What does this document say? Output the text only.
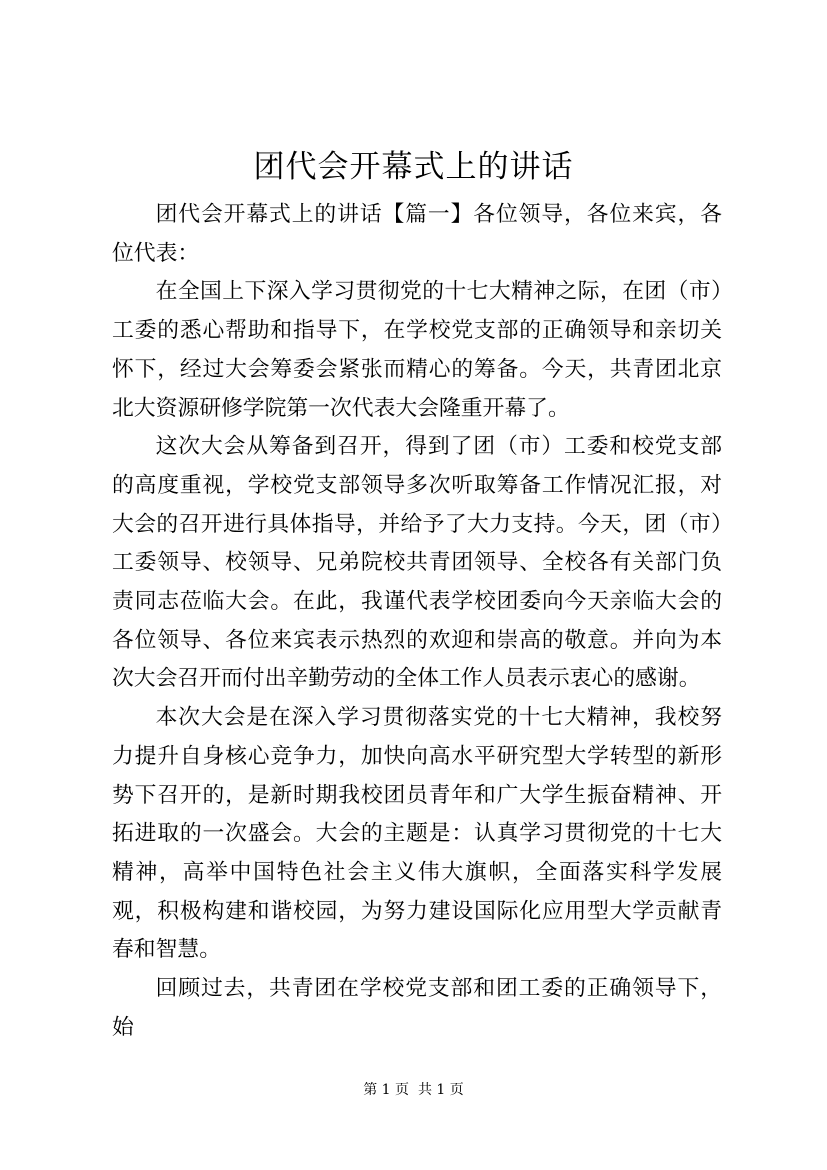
团代会开幕式上的讲话

团代会开幕式上的讲话【篇一】各位领导，各位来宾，各位代表：

在全国上下深入学习贯彻党的十七大精神之际，在团（市）工委的悉心帮助和指导下，在学校党支部的正确领导和亲切关怀下，经过大会筹委会紧张而精心的筹备。今天，共青团北京北大资源研修学院第一次代表大会隆重开幕了。

这次大会从筹备到召开，得到了团（市）工委和校党支部的高度重视，学校党支部领导多次听取筹备工作情况汇报，对大会的召开进行具体指导，并给予了大力支持。今天，团（市）工委领导、校领导、兄弟院校共青团领导、全校各有关部门负责同志莅临大会。在此，我谨代表学校团委向今天亲临大会的各位领导、各位来宾表示热烈的欢迎和崇高的敬意。并向为本次大会召开而付出辛勤劳动的全体工作人员表示衷心的感谢。

本次大会是在深入学习贯彻落实党的十七大精神，我校努力提升自身核心竞争力，加快向高水平研究型大学转型的新形势下召开的，是新时期我校团员青年和广大学生振奋精神、开拓进取的一次盛会。大会的主题是：认真学习贯彻党的十七大精神，高举中国特色社会主义伟大旗帜，全面落实科学发展观，积极构建和谐校园，为努力建设国际化应用型大学贡献青春和智慧。

回顾过去，共青团在学校党支部和团工委的正确领导下，始

第 1 页  共 1 页
